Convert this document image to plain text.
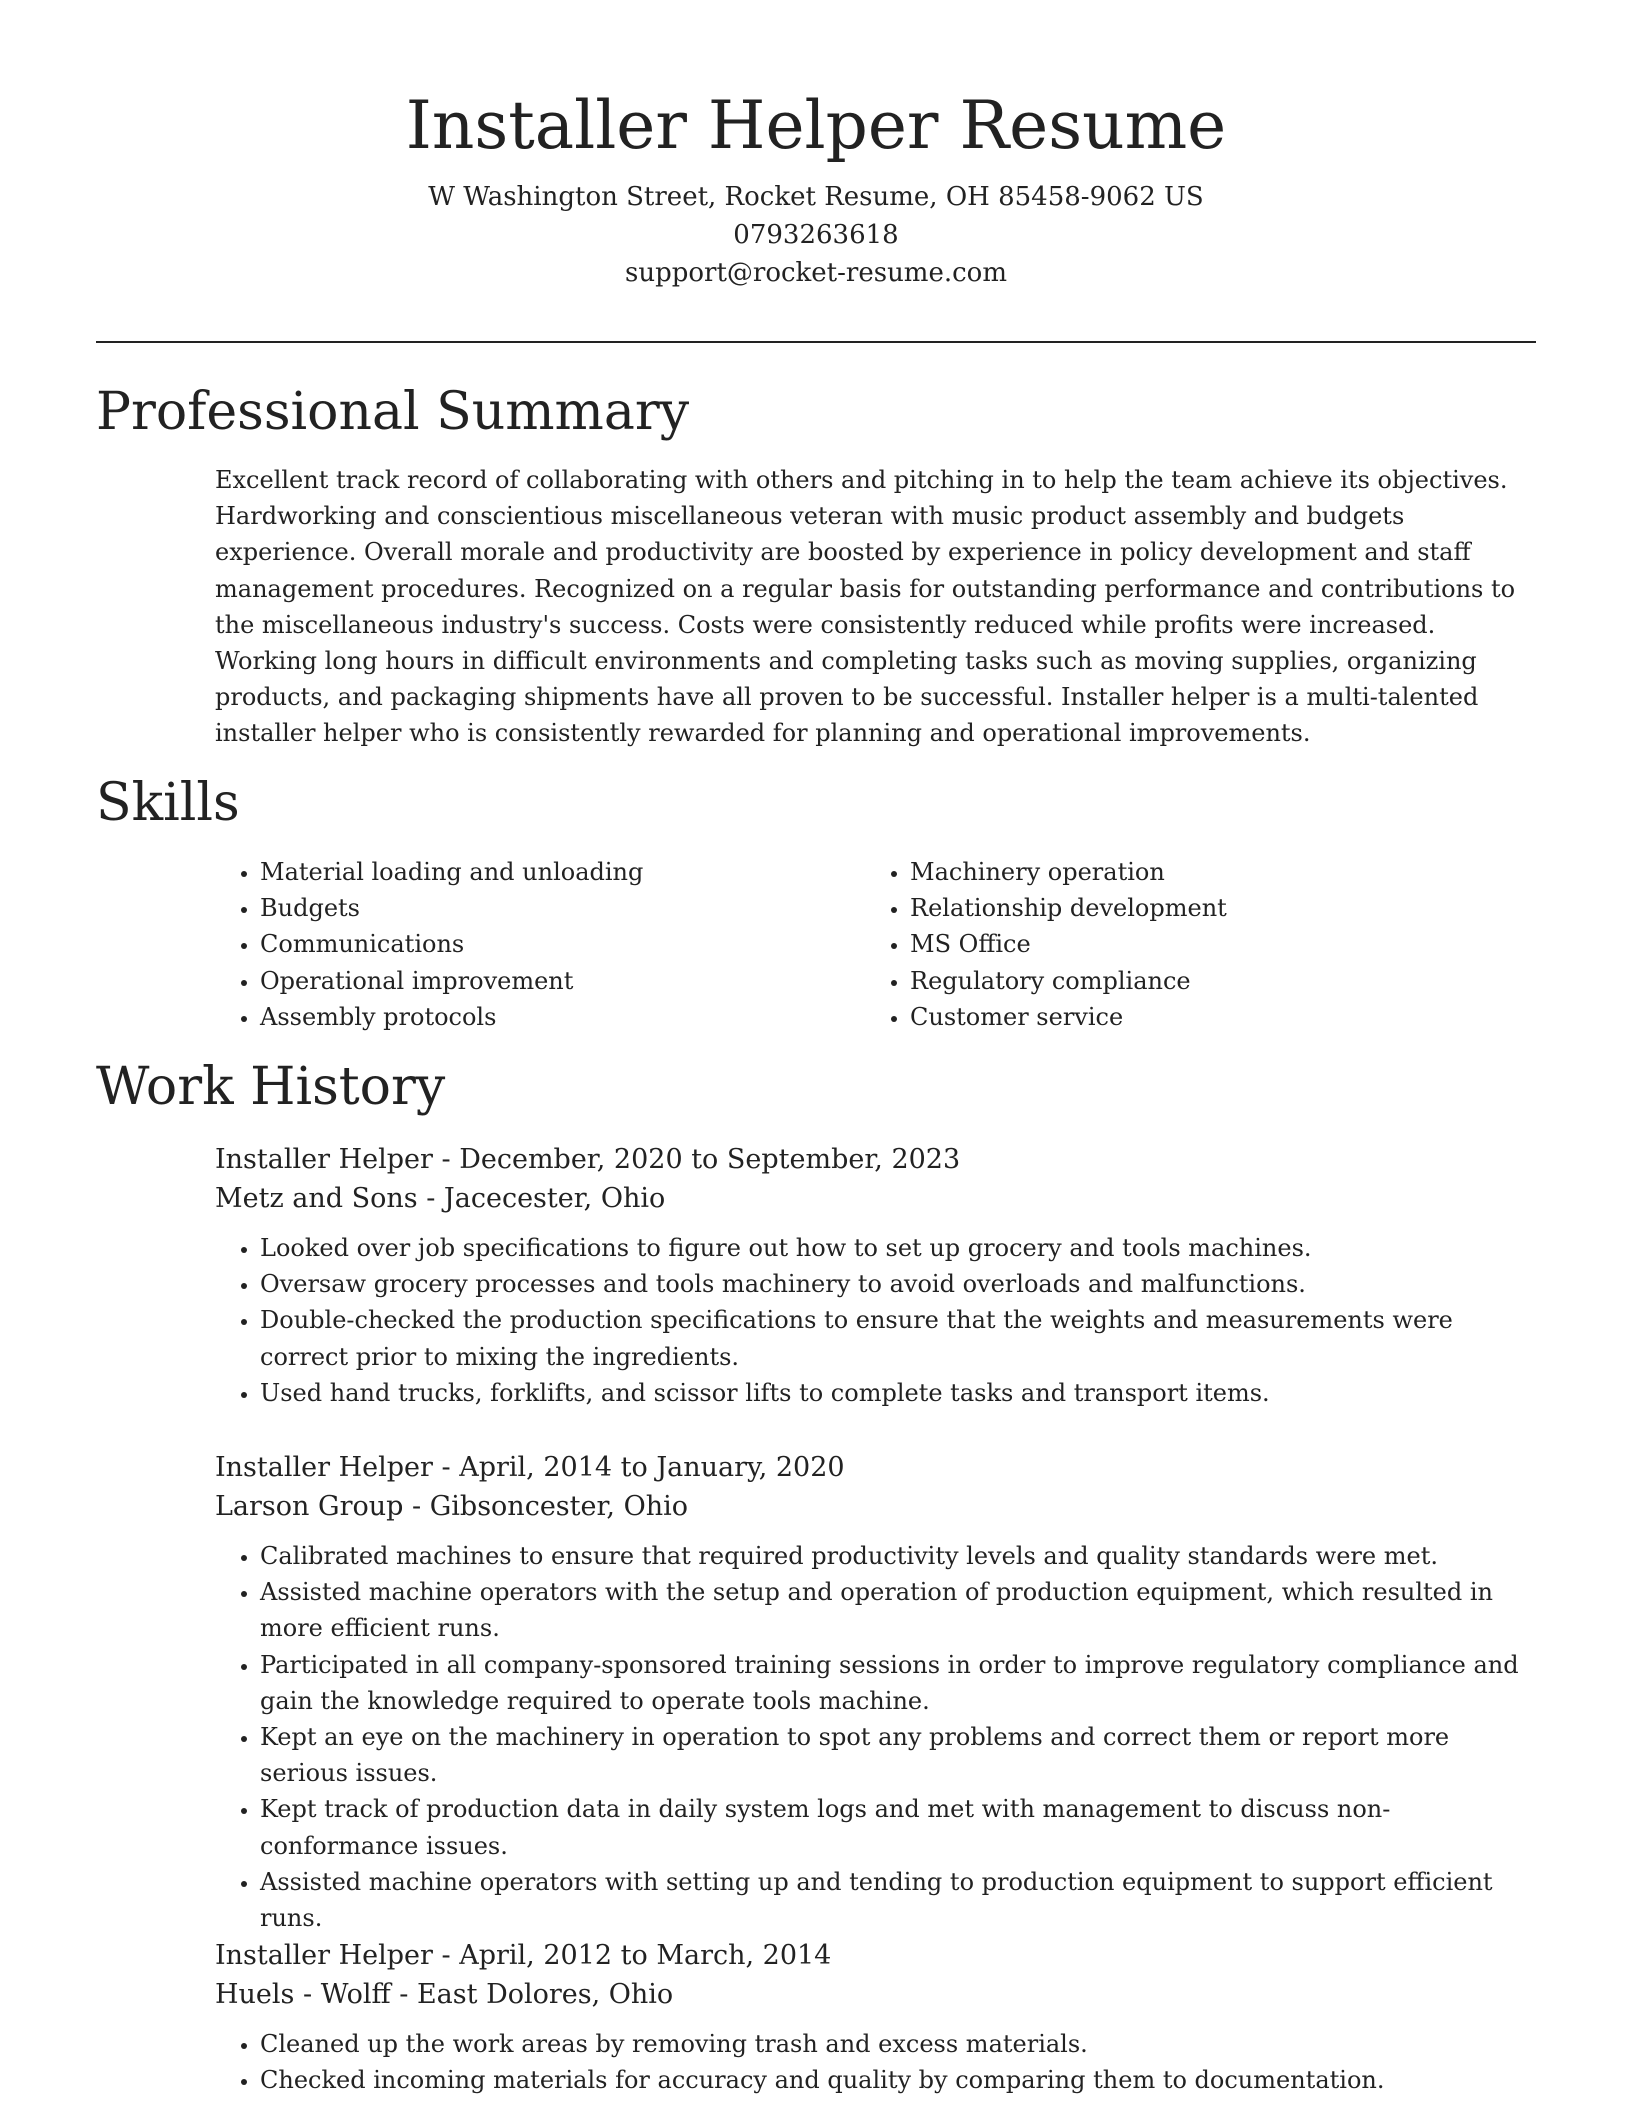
Installer Helper Resume

W Washington Street, Rocket Resume, OH 85458-9062 US

0793263618

support@rocket-resume.com

Professional Summary

Excellent track record of collaborating with others and pitching in to help the team achieve its objectives. Hardworking and conscientious miscellaneous veteran with music product assembly and budgets experience. Overall morale and productivity are boosted by experience in policy development and staff management procedures. Recognized on a regular basis for outstanding performance and contributions to the miscellaneous industry's success. Costs were consistently reduced while profits were increased. Working long hours in difficult environments and completing tasks such as moving supplies, organizing products, and packaging shipments have all proven to be successful. Installer helper is a multi-talented installer helper who is consistently rewarded for planning and operational improvements.

Skills
• Material loading and unloading
• Budgets
• Communications
• Operational improvement
• Assembly protocols
• Machinery operation
• Relationship development
• MS Office
• Regulatory compliance
• Customer service
Work History

Installer Helper - December, 2020 to September, 2023

Metz and Sons - Jacecester, Ohio

• Looked over job specifications to figure out how to set up grocery and tools machines.
• Oversaw grocery processes and tools machinery to avoid overloads and malfunctions.
• Double-checked the production specifications to ensure that the weights and measurements were correct prior to mixing the ingredients.
• Used hand trucks, forklifts, and scissor lifts to complete tasks and transport items.

Installer Helper - April, 2014 to January, 2020

Larson Group - Gibsoncester, Ohio

• Calibrated machines to ensure that required productivity levels and quality standards were met.
• Assisted machine operators with the setup and operation of production equipment, which resulted in more efficient runs.
• Participated in all company-sponsored training sessions in order to improve regulatory compliance and gain the knowledge required to operate tools machine.
• Kept an eye on the machinery in operation to spot any problems and correct them or report more serious issues.
• Kept track of production data in daily system logs and met with management to discuss non-conformance issues.
• Assisted machine operators with setting up and tending to production equipment to support efficient runs.

Installer Helper - April, 2012 to March, 2014

Huels - Wolff - East Dolores, Ohio

• Cleaned up the work areas by removing trash and excess materials.
• Checked incoming materials for accuracy and quality by comparing them to documentation.
